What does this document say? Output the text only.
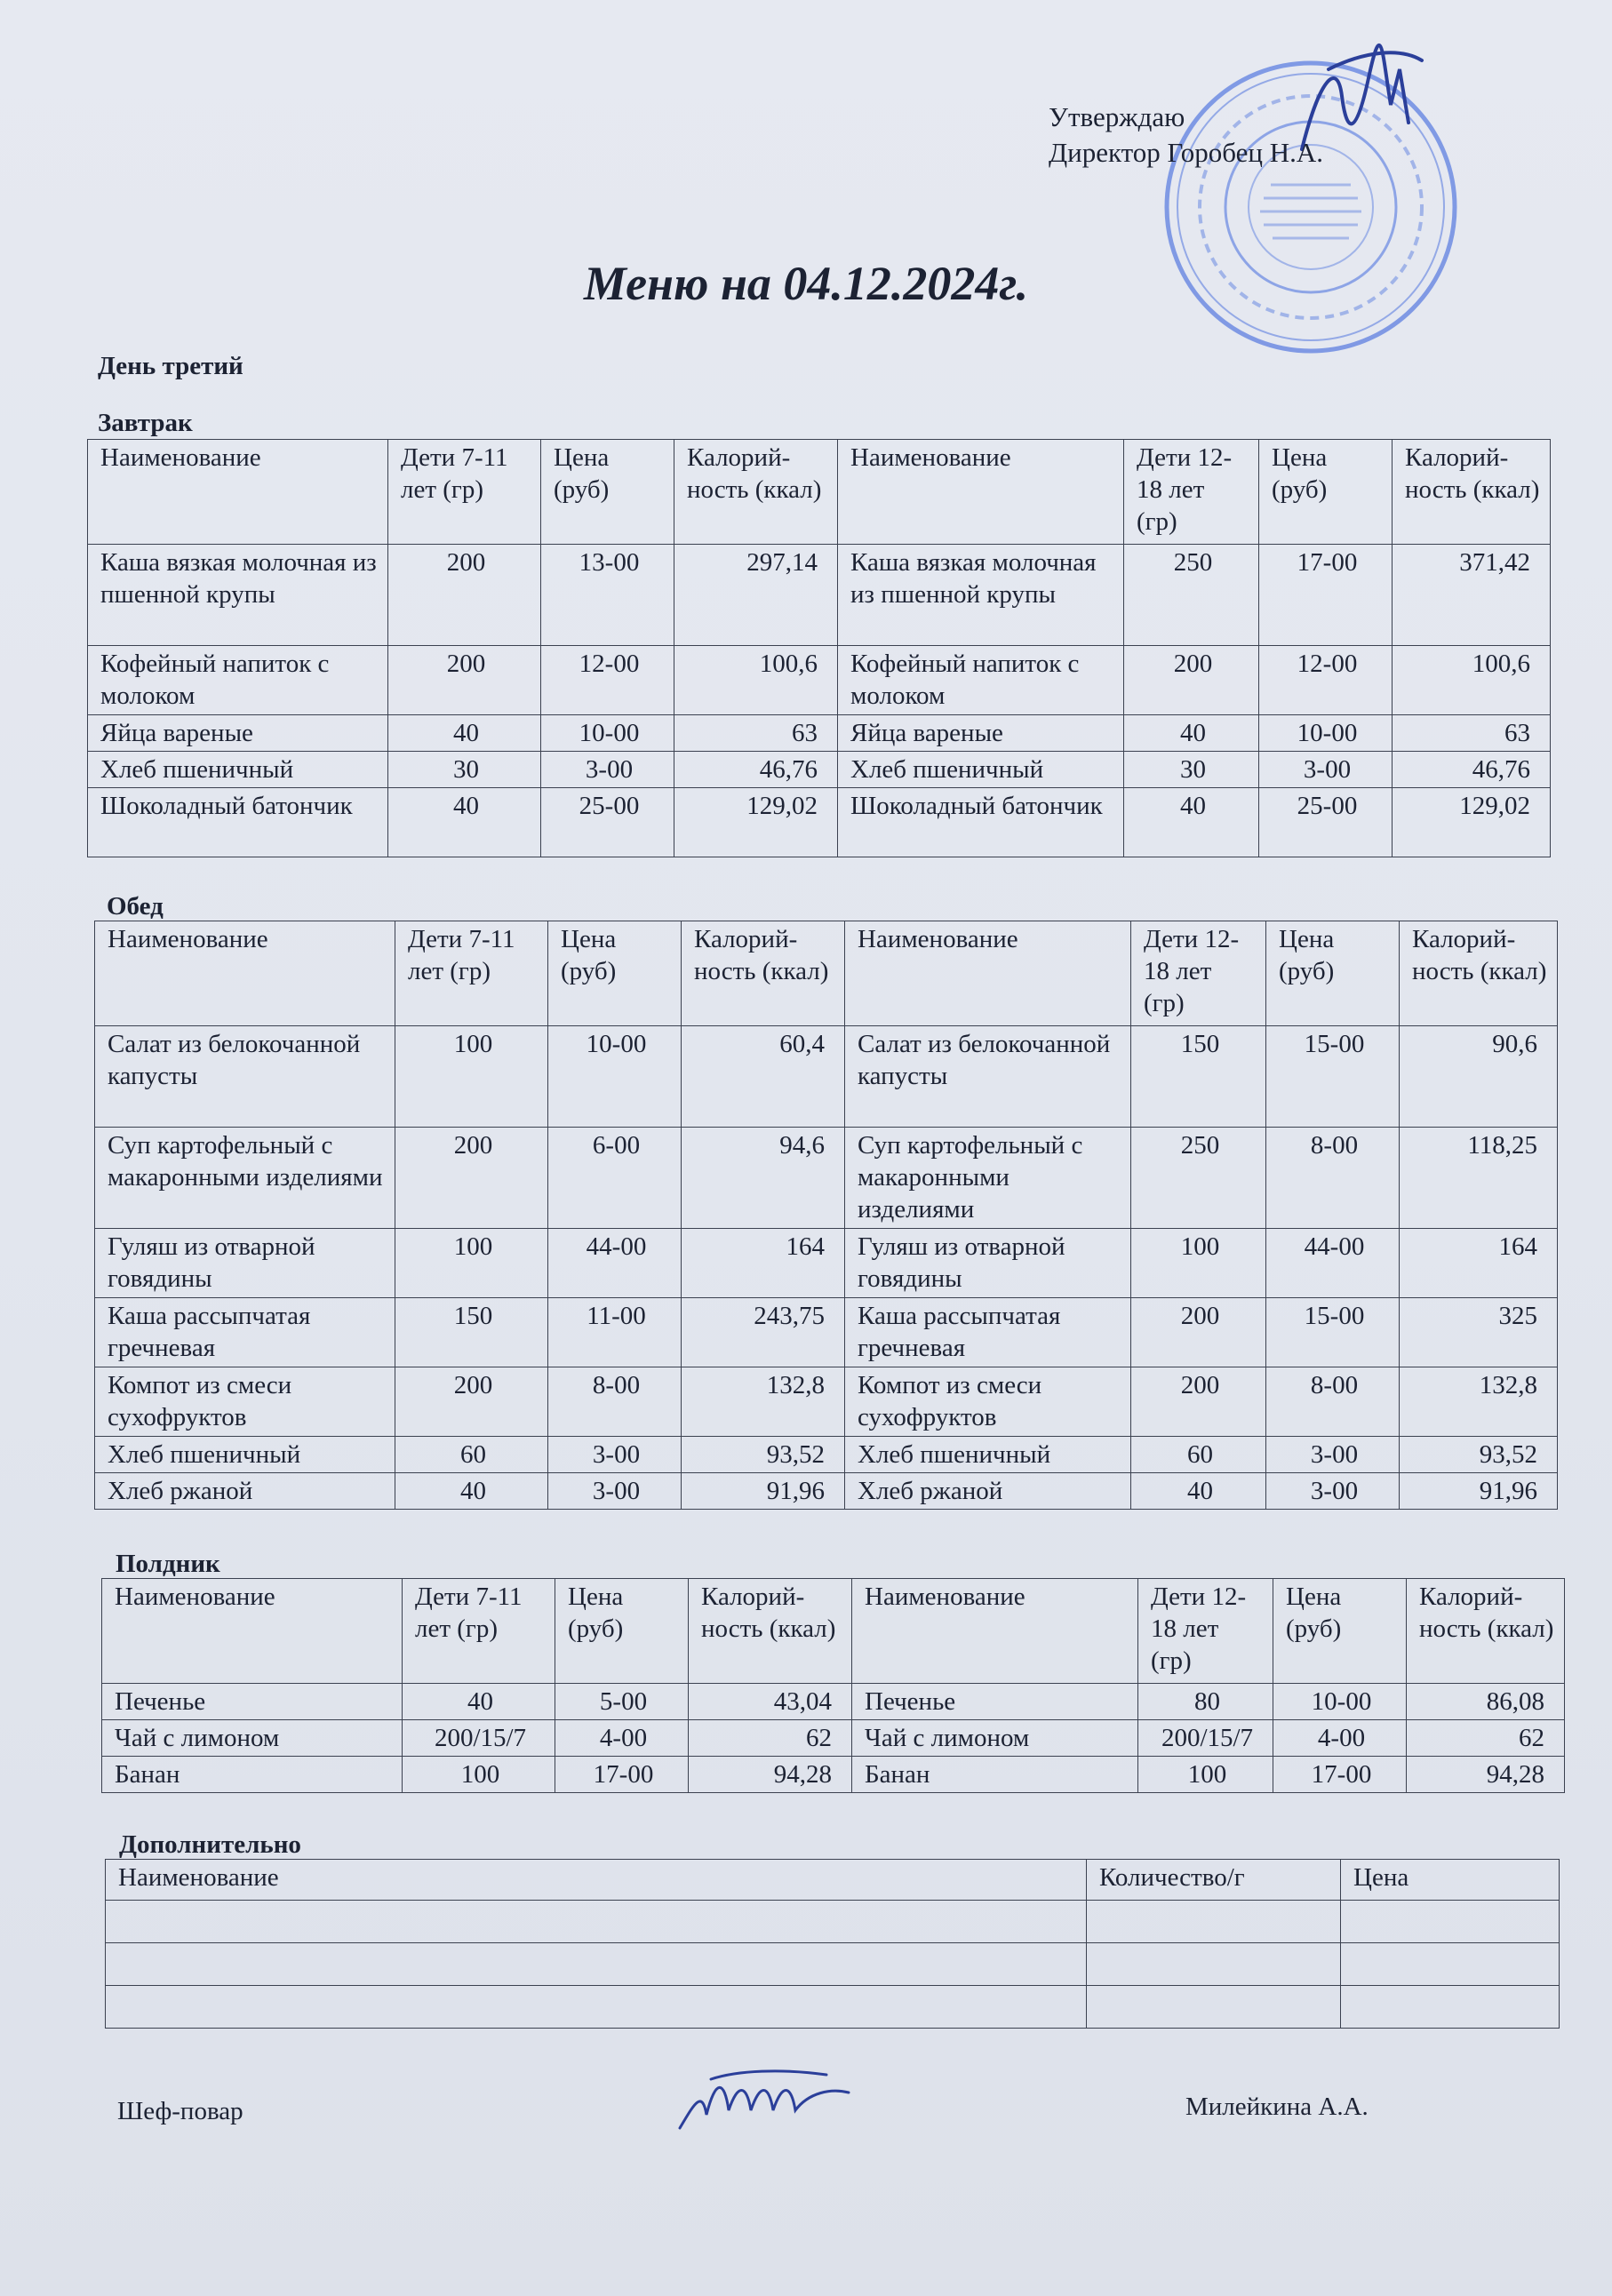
Утверждаю
Директор Горобец Н.А.
Меню на 04.12.2024г.
День третий
Завтрак
Наименование	Дети 7-11 лет (гр)	Цена (руб)	Калорий-ность (ккал)	Наименование	Дети 12-18 лет (гр)	Цена (руб)	Калорий-ность (ккал)
Каша вязкая молочная из пшенной крупы	200	13-00	297,14	Каша вязкая молочная из пшенной крупы	250	17-00	371,42
Кофейный напиток с молоком	200	12-00	100,6	Кофейный напиток с молоком	200	12-00	100,6
Яйца вареные	40	10-00	63	Яйца вареные	40	10-00	63
Хлеб пшеничный	30	3-00	46,76	Хлеб пшеничный	30	3-00	46,76
Шоколадный батончик	40	25-00	129,02	Шоколадный батончик	40	25-00	129,02
Обед
Наименование	Дети 7-11 лет (гр)	Цена (руб)	Калорий-ность (ккал)	Наименование	Дети 12-18 лет (гр)	Цена (руб)	Калорий-ность (ккал)
Салат из белокочанной капусты	100	10-00	60,4	Салат из белокочанной капусты	150	15-00	90,6
Суп картофельный с макаронными изделиями	200	6-00	94,6	Суп картофельный с макаронными изделиями	250	8-00	118,25
Гуляш из отварной говядины	100	44-00	164	Гуляш из отварной говядины	100	44-00	164
Каша рассыпчатая гречневая	150	11-00	243,75	Каша рассыпчатая гречневая	200	15-00	325
Компот из смеси сухофруктов	200	8-00	132,8	Компот из смеси сухофруктов	200	8-00	132,8
Хлеб пшеничный	60	3-00	93,52	Хлеб пшеничный	60	3-00	93,52
Хлеб ржаной	40	3-00	91,96	Хлеб ржаной	40	3-00	91,96
Полдник
Наименование	Дети 7-11 лет (гр)	Цена (руб)	Калорий-ность (ккал)	Наименование	Дети 12-18 лет (гр)	Цена (руб)	Калорий-ность (ккал)
Печенье	40	5-00	43,04	Печенье	80	10-00	86,08
Чай с лимоном	200/15/7	4-00	62	Чай с лимоном	200/15/7	4-00	62
Банан	100	17-00	94,28	Банан	100	17-00	94,28
Дополнительно
Наименование	Количество/г	Цена

Шеф-повар	Милейкина А.А.
